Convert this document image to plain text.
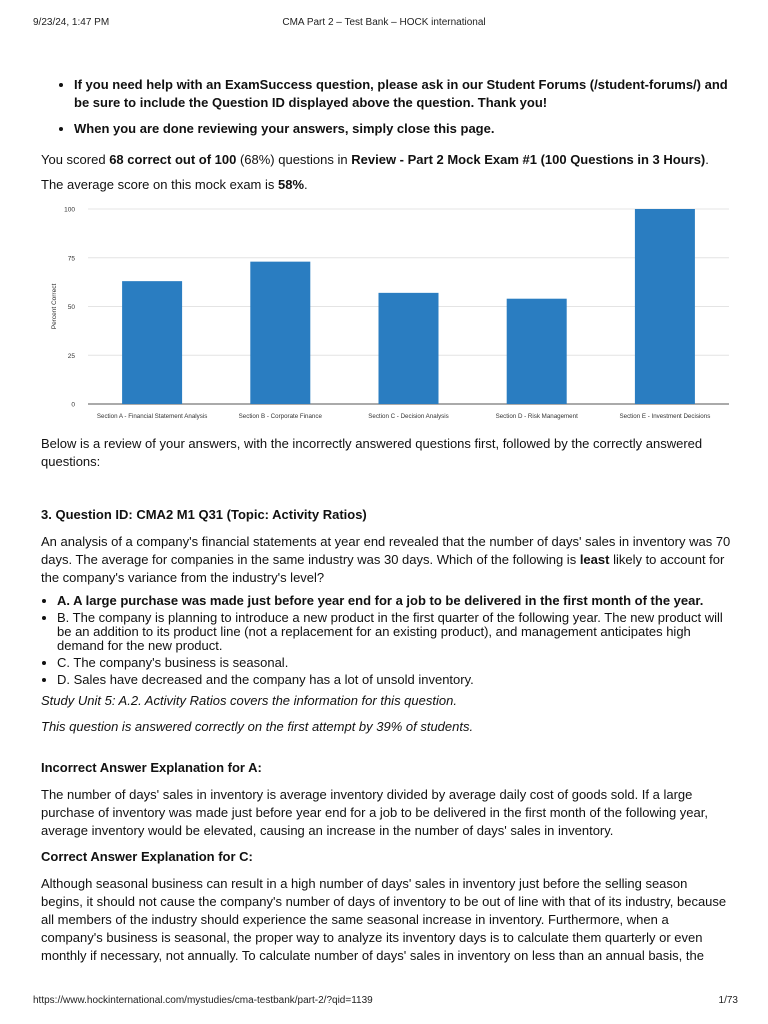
9/23/24, 1:47 PM	CMA Part 2 – Test Bank – HOCK international
• If you need help with an ExamSuccess question, please ask in our Student Forums (/student-forums/) and be sure to include the Question ID displayed above the question. Thank you!
• When you are done reviewing your answers, simply close this page.

You scored 68 correct out of 100 (68%) questions in Review - Part 2 Mock Exam #1 (100 Questions in 3 Hours).

The average score on this mock exam is 58%.

0
25
50
75
100
Percent Correct
Section A - Financial Statement Analysis	Section B - Corporate Finance	Section C - Decision Analysis	Section D - Risk Management	Section E - Investment Decisions

Below is a review of your answers, with the incorrectly answered questions first, followed by the correctly answered questions:

3. Question ID: CMA2 M1 Q31 (Topic: Activity Ratios)

An analysis of a company's financial statements at year end revealed that the number of days' sales in inventory was 70 days. The average for companies in the same industry was 30 days. Which of the following is least likely to account for the company's variance from the industry's level?

• A. A large purchase was made just before year end for a job to be delivered in the first month of the year.
• B. The company is planning to introduce a new product in the first quarter of the following year. The new product will be an addition to its product line (not a replacement for an existing product), and management anticipates high demand for the new product.
• C. The company's business is seasonal.
• D. Sales have decreased and the company has a lot of unsold inventory.

Study Unit 5: A.2. Activity Ratios covers the information for this question.

This question is answered correctly on the first attempt by 39% of students.

Incorrect Answer Explanation for A:

The number of days' sales in inventory is average inventory divided by average daily cost of goods sold. If a large purchase of inventory was made just before year end for a job to be delivered in the first month of the following year, average inventory would be elevated, causing an increase in the number of days' sales in inventory.

Correct Answer Explanation for C:

Although seasonal business can result in a high number of days' sales in inventory just before the selling season begins, it should not cause the company's number of days of inventory to be out of line with that of its industry, because all members of the industry should experience the same seasonal increase in inventory. Furthermore, when a company's business is seasonal, the proper way to analyze its inventory days is to calculate them quarterly or even monthly if necessary, not annually. To calculate number of days' sales in inventory on less than an annual basis, the

https://www.hockinternational.com/mystudies/cma-testbank/part-2/?qid=1139	1/73
